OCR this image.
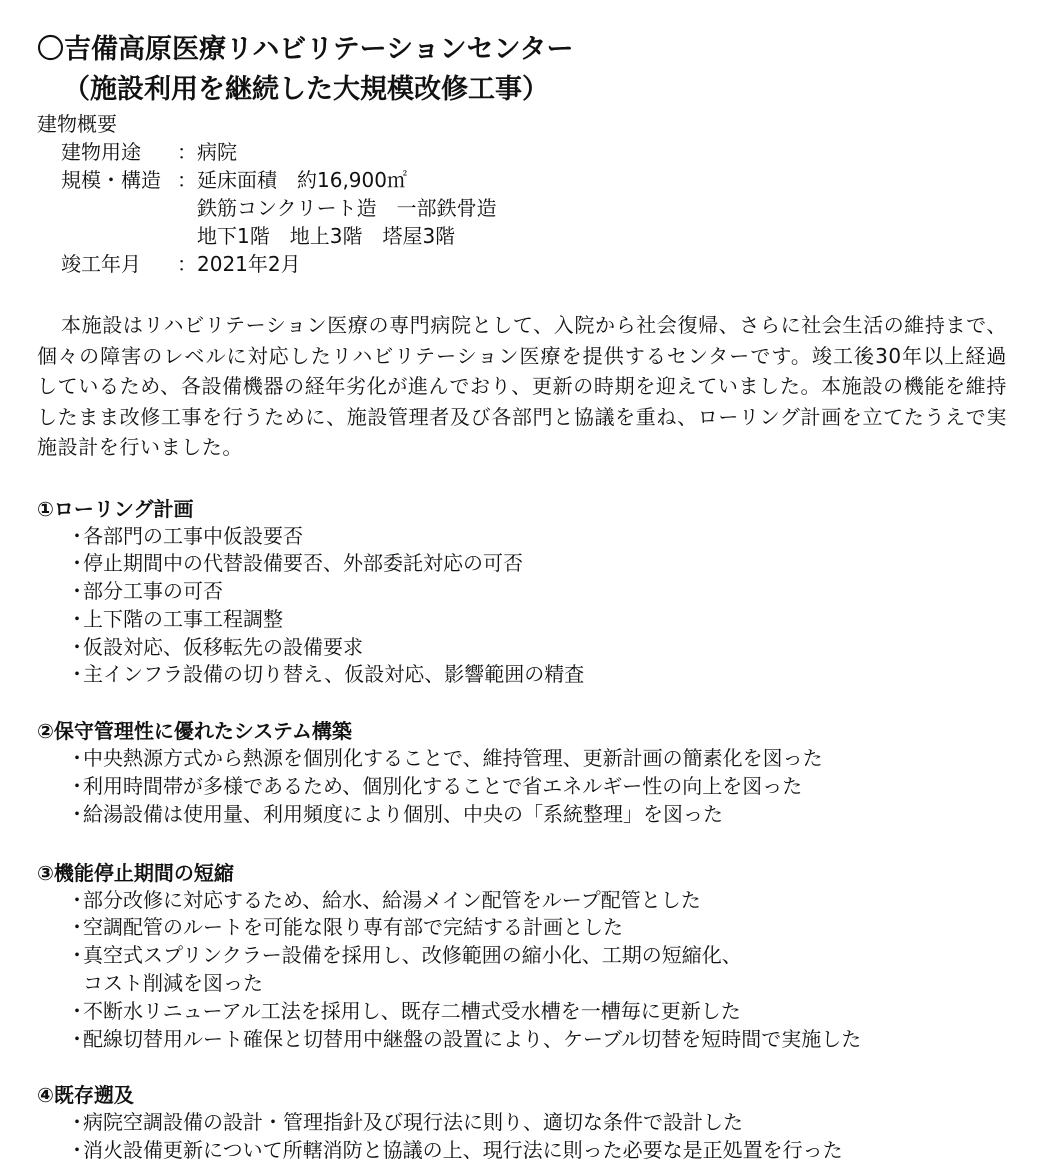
〇吉備高原医療リハビリテーションセンター
（施設利用を継続した大規模改修工事）
建物概要
建物用途	：病院
規模・構造 ：延床面積　約16,900㎡
　鉄筋コンクリート造　一部鉄骨造
　地下1階　地上3階　塔屋3階
竣工年月	：2021年2月

本施設はリハビリテーション医療の専門病院として、入院から社会復帰、さらに社会生活の維持まで、個々の障害のレベルに対応したリハビリテーション医療を提供するセンターです。竣工後30年以上経過しているため、各設備機器の経年劣化が進んでおり、更新の時期を迎えていました。本施設の機能を維持したまま改修工事を行うために、施設管理者及び各部門と協議を重ね、ローリング計画を立てたうえで実施設計を行いました。

①ローリング計画
・
各部門の工事中仮設要否
・
停止期間中の代替設備要否、外部委託対応の可否
・
部分工事の可否
・
上下階の工事工程調整
・
仮設対応、仮移転先の設備要求
・
主インフラ設備の切り替え、仮設対応、影響範囲の精査
②保守管理性に優れたシステム構築
・
中央熱源方式から熱源を個別化することで、維持管理、更新計画の簡素化を図った
・
利用時間帯が多様であるため、個別化することで省エネルギー性の向上を図った
・
給湯設備は使用量、利用頻度により個別、中央の「系統整理」を図った
③機能停止期間の短縮
・
部分改修に対応するため、給水、給湯メイン配管をループ配管とした
・
空調配管のルートを可能な限り専有部で完結する計画とした
・
真空式スプリンクラー設備を採用し、改修範囲の縮小化、工期の短縮化、
コスト削減を図った
・
不断水リニューアル工法を採用し、既存二槽式受水槽を一槽毎に更新した
・
配線切替用ルート確保と切替用中継盤の設置により、ケーブル切替を短時間で実施した
④既存遡及
・
病院空調設備の設計・管理指針及び現行法に則り、適切な条件で設計した
・
消火設備更新について所轄消防と協議の上、現行法に則った必要な是正処置を行った
